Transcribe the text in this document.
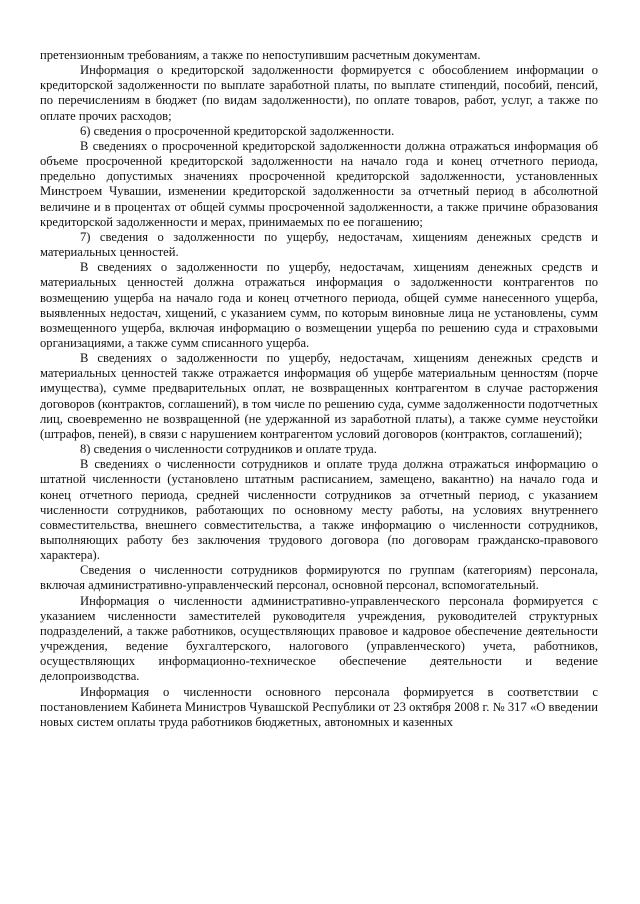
претензионным требованиям, а также по непоступившим расчетным документам.

Информация о кредиторской задолженности формируется с обособлением информации о кредиторской задолженности по выплате заработной платы, по выплате стипендий, пособий, пенсий, по перечислениям в бюджет (по видам задолженности), по оплате товаров, работ, услуг, а также по оплате прочих расходов;

6) сведения о просроченной кредиторской задолженности.

В сведениях о просроченной кредиторской задолженности должна отражаться информация об объеме просроченной кредиторской задолженности на начало года и конец отчетного периода, предельно допустимых значениях просроченной кредиторской задолженности, установленных Минстроем Чувашии, изменении кредиторской задолженности за отчетный период в абсолютной величине и в процентах от общей суммы просроченной задолженности, а также причине образования кредиторской задолженности и мерах, принимаемых по ее погашению;

7) сведения о задолженности по ущербу, недостачам, хищениям денежных средств и материальных ценностей.

В сведениях о задолженности по ущербу, недостачам, хищениям денежных средств и материальных ценностей должна отражаться информация о задолженности контрагентов по возмещению ущерба на начало года и конец отчетного периода, общей сумме нанесенного ущерба, выявленных недостач, хищений, с указанием сумм, по которым виновные лица не установлены, сумм возмещенного ущерба, включая информацию о возмещении ущерба по решению суда и страховыми организациями, а также сумм списанного ущерба.

В сведениях о задолженности по ущербу, недостачам, хищениям денежных средств и материальных ценностей также отражается информация об ущербе материальным ценностям (порче имущества), сумме предварительных оплат, не возвращенных контрагентом в случае расторжения договоров (контрактов, соглашений), в том числе по решению суда, сумме задолженности подотчетных лиц, своевременно не возвращенной (не удержанной из заработной платы), а также сумме неустойки (штрафов, пеней), в связи с нарушением контрагентом условий договоров (контрактов, соглашений);

8) сведения о численности сотрудников и оплате труда.

В сведениях о численности сотрудников и оплате труда должна отражаться информацию о штатной численности (установлено штатным расписанием, замещено, вакантно) на начало года и конец отчетного периода, средней численности сотрудников за отчетный период, с указанием численности сотрудников, работающих по основному месту работы, на условиях внутреннего совместительства, внешнего совместительства, а также информацию о численности сотрудников, выполняющих работу без заключения трудового договора (по договорам гражданско-правового характера).

Сведения о численности сотрудников формируются по группам (категориям) персонала, включая административно-управленческий персонал, основной персонал, вспомогательный.

Информация о численности административно-управленческого персонала формируется с указанием численности заместителей руководителя учреждения, руководителей структурных подразделений, а также работников, осуществляющих правовое и кадровое обеспечение деятельности учреждения, ведение бухгалтерского, налогового (управленческого) учета, работников, осуществляющих информационно-техническое обеспечение деятельности и ведение делопроизводства.

Информация о численности основного персонала формируется в соответствии с постановлением Кабинета Министров Чувашской Республики от 23 октября 2008 г. № 317 «О введении новых систем оплаты труда работников бюджетных, автономных и казенных
